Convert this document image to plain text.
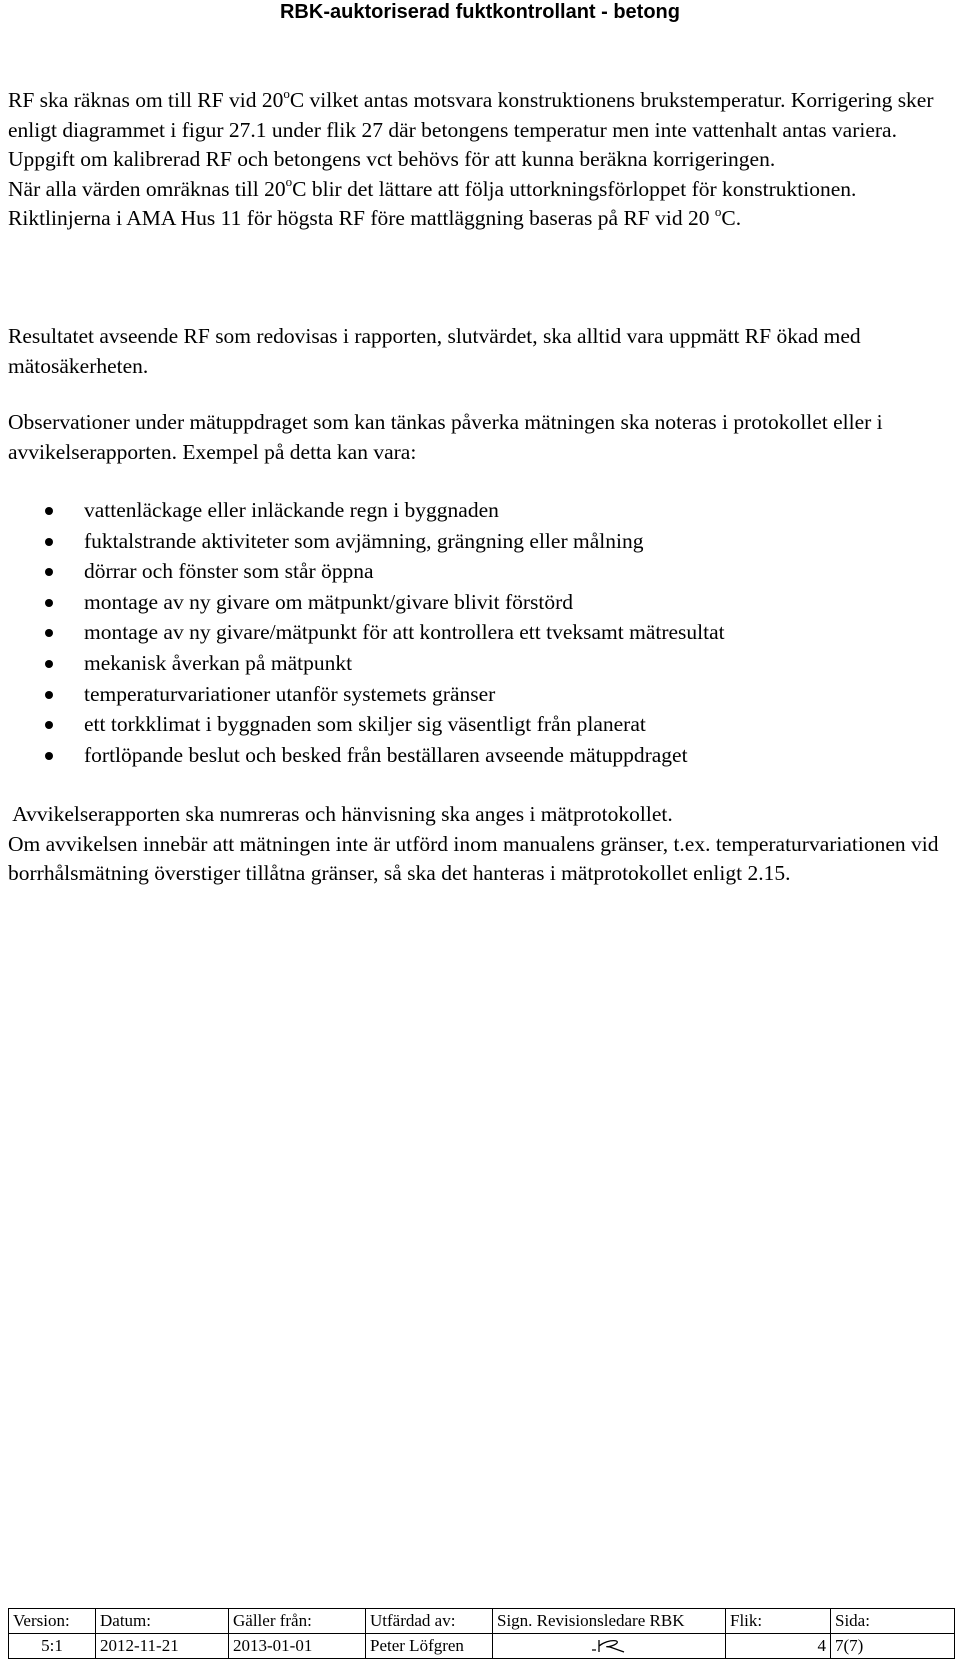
RBK-auktoriserad fuktkontrollant - betong

RF ska räknas om till RF vid 20$^o$C vilket antas motsvara konstruktionens brukstemperatur. Korrigering sker enligt diagrammet i figur 27.1 under flik 27 där betongens temperatur men inte vattenhalt antas variera. Uppgift om kalibrerad RF och betongens vct behövs för att kunna beräkna korrigeringen.
När alla värden omräknas till 20$^o$C blir det lättare att följa uttorkningsförloppet för konstruktionen. Riktlinjerna i AMA Hus 11 för högsta RF före mattläggning baseras på RF vid 20 $^o$C.

Resultatet avseende RF som redovisas i rapporten, slutvärdet, ska alltid vara uppmätt RF ökad med mätosäkerheten.

Observationer under mätuppdraget som kan tänkas påverka mätningen ska noteras i protokollet eller i avvikelserapporten. Exempel på detta kan vara:

vattenläckage eller inläckande regn i byggnaden
fuktalstrande aktiviteter som avjämning, grängning eller målning
dörrar och fönster som står öppna
montage av ny givare om mätpunkt/givare blivit förstörd
montage av ny givare/mätpunkt för att kontrollera ett tveksamt mätresultat
mekanisk åverkan på mätpunkt
temperaturvariationer utanför systemets gränser
ett torkklimat i byggnaden som skiljer sig väsentligt från planerat
fortlöpande beslut och besked från beställaren avseende mätuppdraget

Avvikelserapporten ska numreras och hänvisning ska anges i mätprotokollet.
Om avvikelsen innebär att mätningen inte är utförd inom manualens gränser, t.ex. temperaturvariationen vid borrhålsmätning överstiger tillåtna gränser, så ska det hanteras i mätprotokollet enligt 2.15.

Version:	Datum:	Gäller från:	Utfärdad av:	Sign. Revisionsledare RBK	Flik:	Sida:
5:1	2012-11-21	2013-01-01	Peter Löfgren		4	7(7)
